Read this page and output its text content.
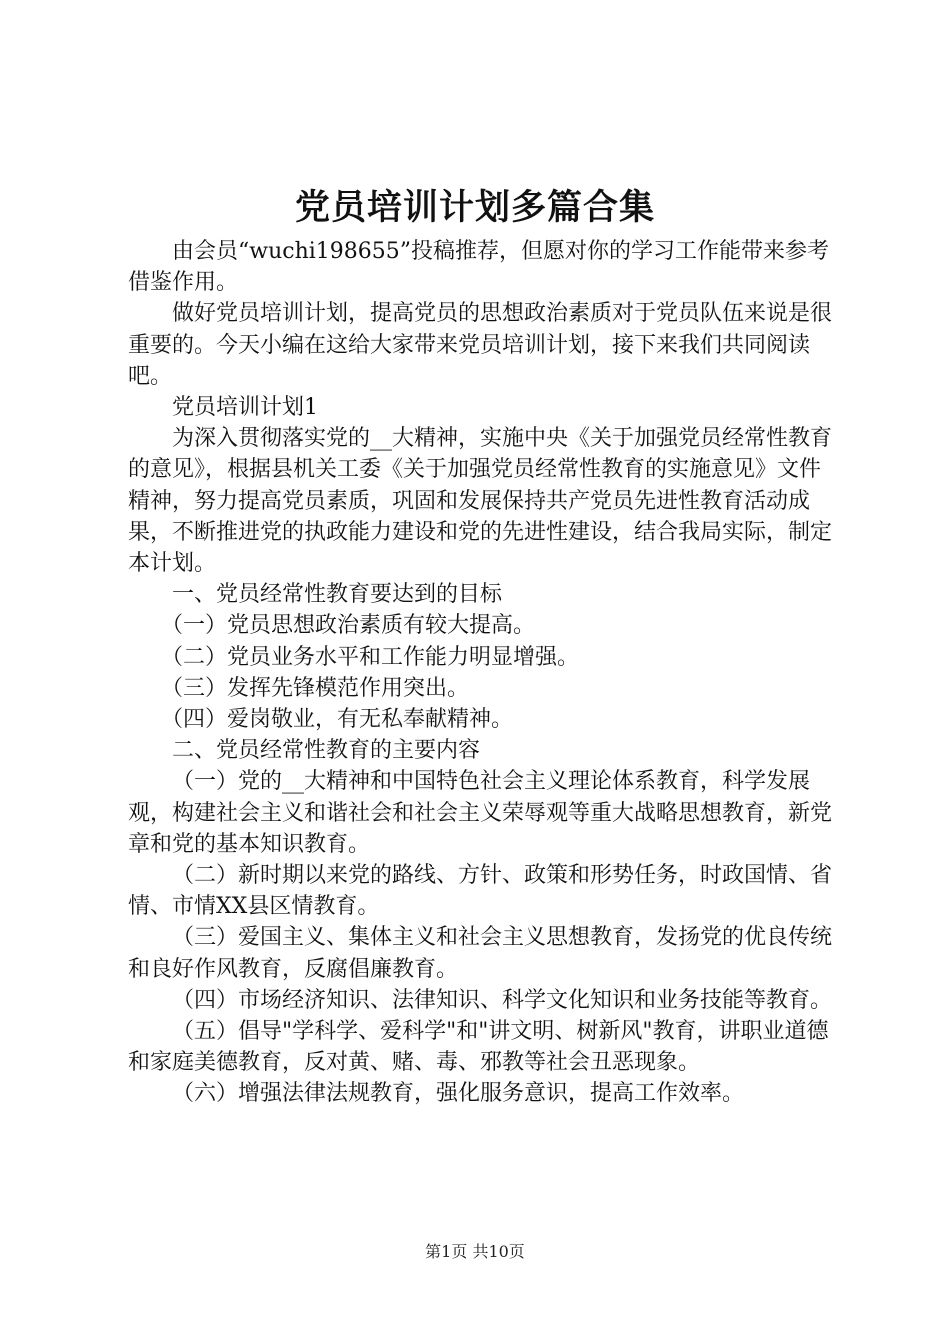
党员培训计划多篇合集

由会员“wuchi198655”投稿推荐，但愿对你的学习工作能带来参考借鉴作用。

做好党员培训计划，提高党员的思想政治素质对于党员队伍来说是很重要的。今天小编在这给大家带来党员培训计划，接下来我们共同阅读吧。

党员培训计划1

为深入贯彻落实党的__大精神，实施中央《关于加强党员经常性教育的意见》，根据县机关工委《关于加强党员经常性教育的实施意见》文件精神，努力提高党员素质，巩固和发展保持共产党员先进性教育活动成果，不断推进党的执政能力建设和党的先进性建设，结合我局实际，制定本计划。

一、党员经常性教育要达到的目标

（一）党员思想政治素质有较大提高。

（二）党员业务水平和工作能力明显增强。

（三）发挥先锋模范作用突出。

（四）爱岗敬业，有无私奉献精神。

二、党员经常性教育的主要内容

（一）党的__大精神和中国特色社会主义理论体系教育，科学发展观，构建社会主义和谐社会和社会主义荣辱观等重大战略思想教育，新党章和党的基本知识教育。

（二）新时期以来党的路线、方针、政策和形势任务，时政国情、省情、市情XX县区情教育。

（三）爱国主义、集体主义和社会主义思想教育，发扬党的优良传统和良好作风教育，反腐倡廉教育。

（四）市场经济知识、法律知识、科学文化知识和业务技能等教育。

（五）倡导"学科学、爱科学"和"讲文明、树新风"教育，讲职业道德和家庭美德教育，反对黄、赌、毒、邪教等社会丑恶现象。

（六）增强法律法规教育，强化服务意识，提高工作效率。

第1页 共10页
